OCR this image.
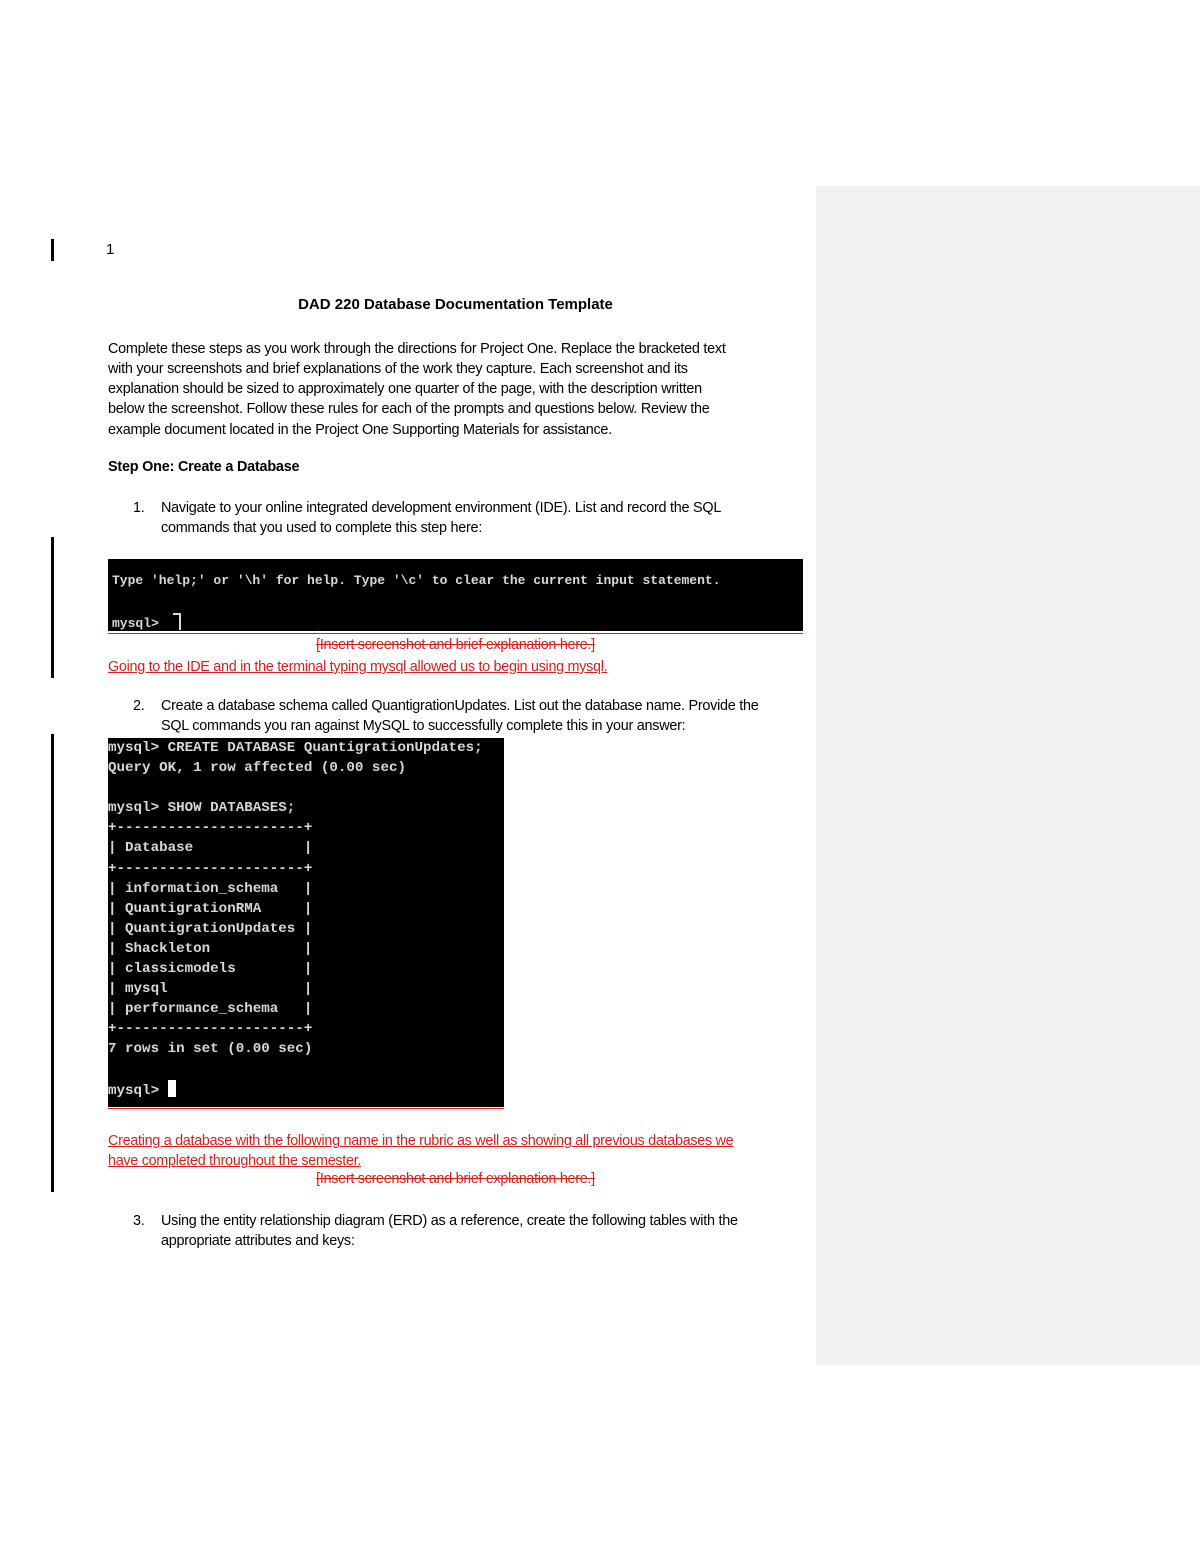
1
DAD 220 Database Documentation Template

Complete these steps as you work through the directions for Project One. Replace the bracketed text

with your screenshots and brief explanations of the work they capture. Each screenshot and its

explanation should be sized to approximately one quarter of the page, with the description written

below the screenshot. Follow these rules for each of the prompts and questions below. Review the

example document located in the Project One Supporting Materials for assistance.

Step One: Create a Database
1. Navigate to your online integrated development environment (IDE). List and record the SQL

commands that you used to complete this step here:

Type 'help;' or '\h' for help. Type '\c' to clear the current input statement.

mysql>

[Insert screenshot and brief explanation here.]

Going to the IDE and in the terminal typing mysql allowed us to begin using mysql.

2. Create a database schema called QuantigrationUpdates. List out the database name. Provide the

SQL commands you ran against MySQL to successfully complete this in your answer:

mysql> CREATE DATABASE QuantigrationUpdates;
Query OK, 1 row affected (0.00 sec)

mysql> SHOW DATABASES;
+----------------------+
| Database             |
+----------------------+
| information_schema   |
| QuantigrationRMA     |
| QuantigrationUpdates |
| Shackleton           |
| classicmodels        |
| mysql                |
| performance_schema   |
+----------------------+
7 rows in set (0.00 sec)

mysql>

Creating a database with the following name in the rubric as well as showing all previous databases we

have completed throughout the semester.

[Insert screenshot and brief explanation here.]
3. Using the entity relationship diagram (ERD) as a reference, create the following tables with the

appropriate attributes and keys:
